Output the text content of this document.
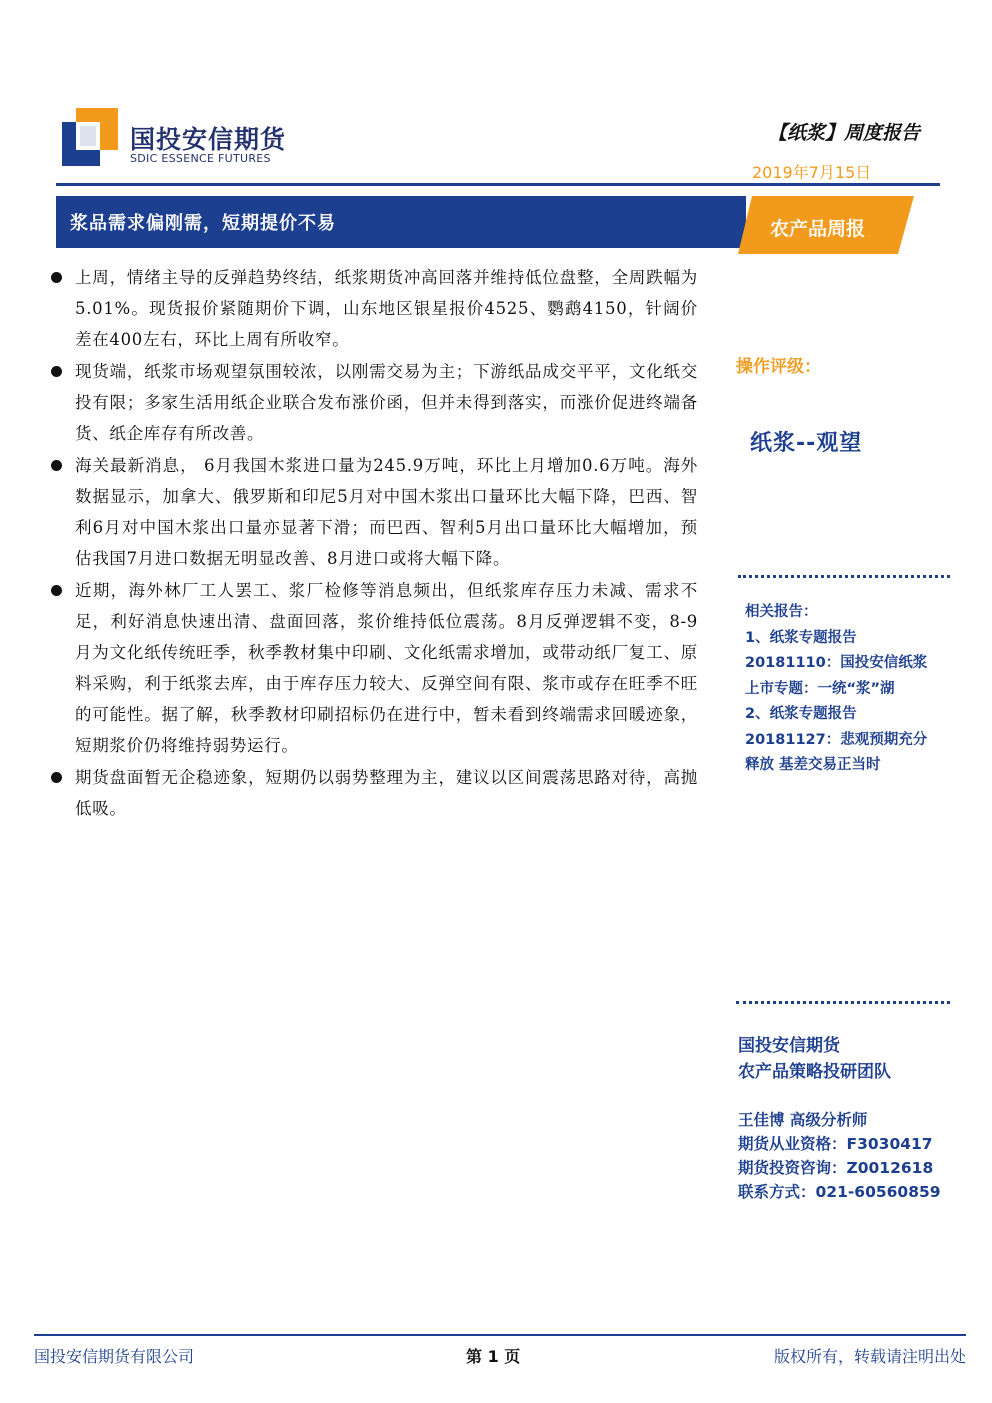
国投安信期货
SDIC ESSENCE FUTURES
【纸浆】周度报告
2019年7月15日
浆品需求偏刚需，短期提价不易	农产品周报
上周，情绪主导的反弹趋势终结，纸浆期货冲高回落并维持低位盘整，全周跌幅为5.01%。现货报价紧随期价下调，山东地区银星报价4525、鹦鹉4150，针阔价差在400左右，环比上周有所收窄。
现货端，纸浆市场观望氛围较浓，以刚需交易为主；下游纸品成交平平，文化纸交投有限；多家生活用纸企业联合发布涨价函，但并未得到落实，而涨价促进终端备货、纸企库存有所改善。
海关最新消息， 6月我国木浆进口量为245.9万吨，环比上月增加0.6万吨。海外数据显示，加拿大、俄罗斯和印尼5月对中国木浆出口量环比大幅下降，巴西、智利6月对中国木浆出口量亦显著下滑；而巴西、智利5月出口量环比大幅增加，预估我国7月进口数据无明显改善、8月进口或将大幅下降。
近期，海外林厂工人罢工、浆厂检修等消息频出，但纸浆库存压力未减、需求不足，利好消息快速出清、盘面回落，浆价维持低位震荡。8月反弹逻辑不变，8-9月为文化纸传统旺季，秋季教材集中印刷、文化纸需求增加，或带动纸厂复工、原料采购，利于纸浆去库，由于库存压力较大、反弹空间有限、浆市或存在旺季不旺的可能性。据了解，秋季教材印刷招标仍在进行中，暂未看到终端需求回暖迹象，短期浆价仍将维持弱势运行。
期货盘面暂无企稳迹象，短期仍以弱势整理为主，建议以区间震荡思路对待，高抛低吸。
操作评级：
纸浆--观望
相关报告：
1、纸浆专题报告
20181110：国投安信纸浆
上市专题：一统“浆”湖
2、纸浆专题报告
20181127：悲观预期充分
释放 基差交易正当时
国投安信期货
农产品策略投研团队
王佳博 高级分析师
期货从业资格：F3030417
期货投资咨询：Z0012618
联系方式：021-60560859
国投安信期货有限公司	第 1 页	版权所有，转载请注明出处
